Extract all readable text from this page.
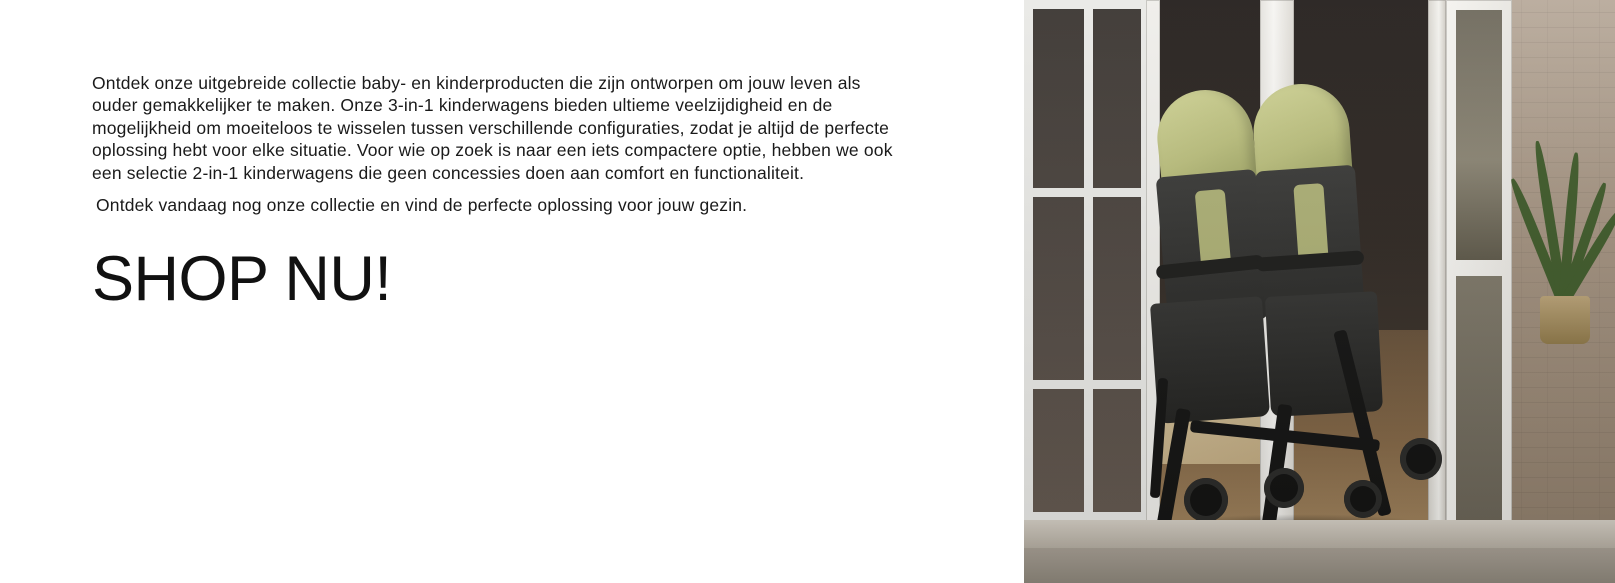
Ontdek onze uitgebreide collectie baby- en kinderproducten die zijn ontworpen om jouw leven als ouder gemakkelijker te maken. Onze 3-in-1 kinderwagens bieden ultieme veelzijdigheid en de mogelijkheid om moeiteloos te wisselen tussen verschillende configuraties, zodat je altijd de perfecte oplossing hebt voor elke situatie. Voor wie op zoek is naar een iets compactere optie, hebben we ook een selectie 2-in-1 kinderwagens die geen concessies doen aan comfort en functionaliteit.

Ontdek vandaag nog onze collectie en vind de perfecte oplossing voor jouw gezin.

SHOP NU!
